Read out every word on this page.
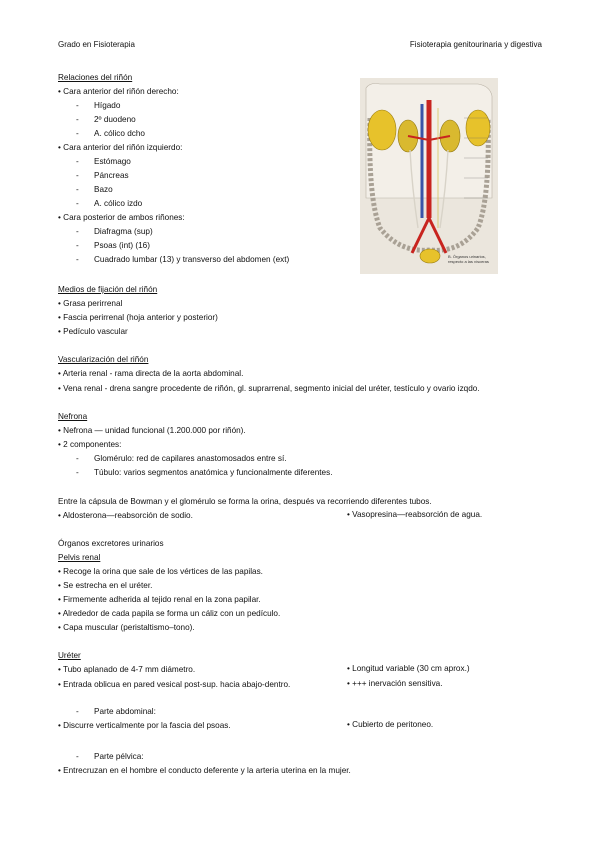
Grado en Fisioterapia	Fisioterapia genitourinaria y digestiva
Relaciones del riñón
• Cara anterior del riñón derecho:
- Hígado
- 2º duodeno
- A. cólico dcho
• Cara anterior del riñón izquierdo:
- Estómago
- Páncreas
- Bazo
- A. cólico izdo
• Cara posterior de ambos riñones:
- Diafragma (sup)
- Psoas (int) (16)
- Cuadrado lumbar (13) y transverso del abdomen (ext)	B. Órganos urinarios, respecto a las vísceras
Medios de fijación del riñón
• Grasa perirrenal
• Fascia perirrenal (hoja anterior y posterior)
• Pedículo vascular
Vascularización del riñón
• Arteria renal - rama directa de la aorta abdominal.
• Vena renal - drena sangre procedente de riñón, gl. suprarrenal, segmento inicial del uréter, testículo y ovario izqdo.
Nefrona
• Nefrona — unidad funcional (1.200.000 por riñón).
• 2 componentes:
- Glomérulo: red de capilares anastomosados entre sí.
- Túbulo: varios segmentos anatómica y funcionalmente diferentes.
Entre la cápsula de Bowman y el glomérulo se forma la orina, después va recorriendo diferentes tubos.
• Aldosterona—reabsorción de sodio.	• Vasopresina—reabsorción de agua.
Órganos excretores urinarios
Pelvis renal
• Recoge la orina que sale de los vértices de las papilas.
• Se estrecha en el uréter.
• Firmemente adherida al tejido renal en la zona papilar.
• Alrededor de cada papila se forma un cáliz con un pedículo.
• Capa muscular (peristaltismo–tono).
Uréter
• Tubo aplanado de 4-7 mm diámetro.	• Longitud variable (30 cm aprox.)
• Entrada oblicua en pared vesical post-sup. hacia abajo-dentro.	• +++ inervación sensitiva.
- Parte abdominal:
• Discurre verticalmente por la fascia del psoas.	• Cubierto de peritoneo.
- Parte pélvica:
• Entrecruzan en el hombre el conducto deferente y la arteria uterina en la mujer.
